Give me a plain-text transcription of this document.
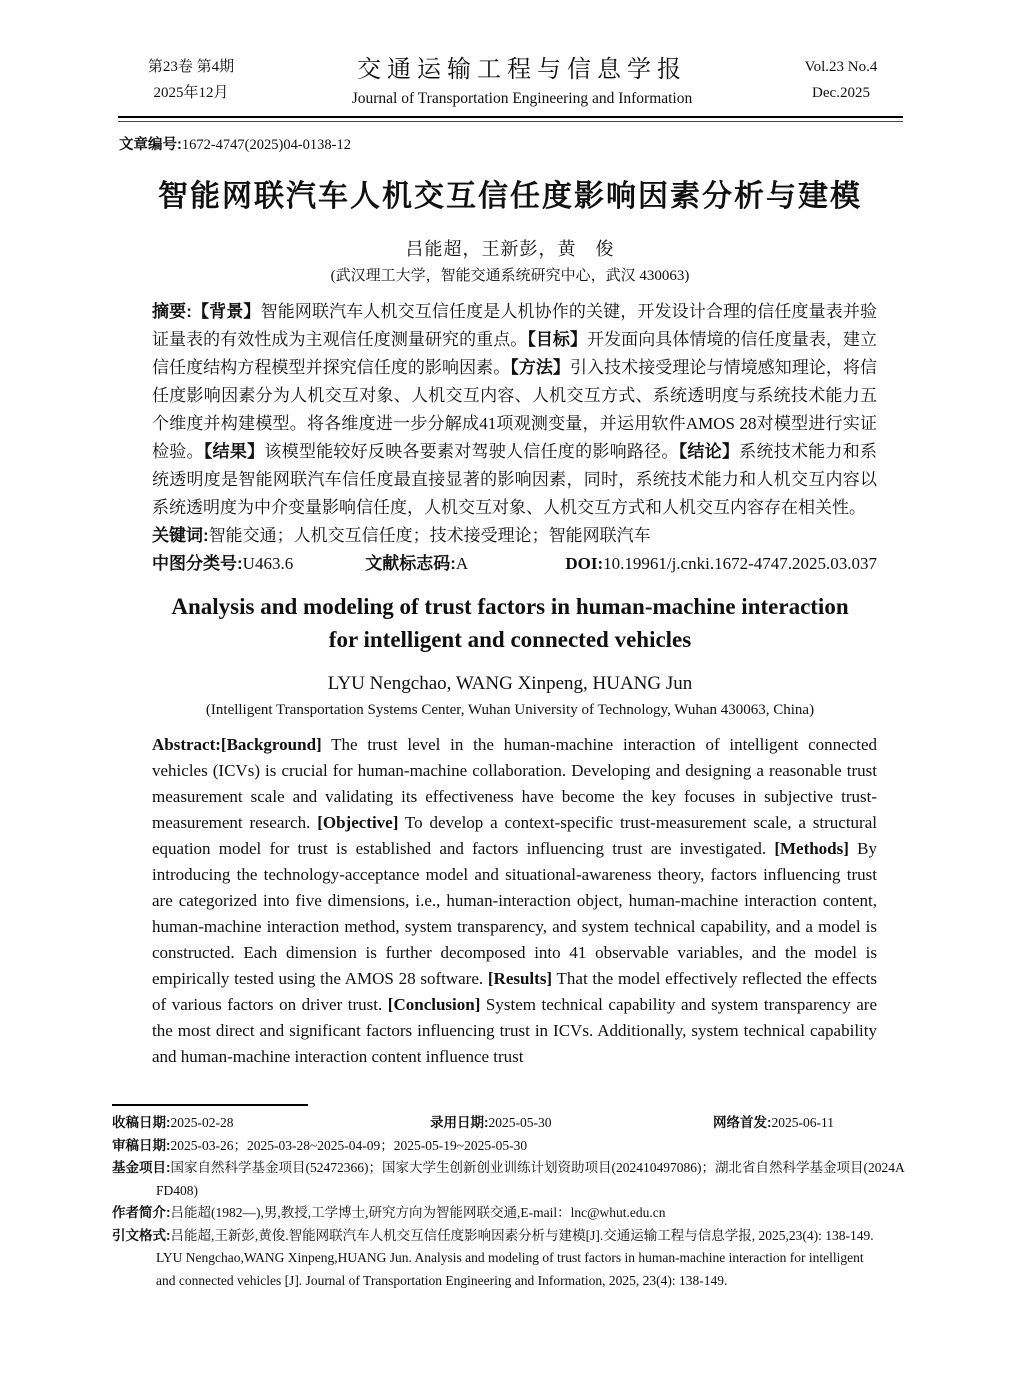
第23卷 第4期
2025年12月
交通运输工程与信息学报
Journal of Transportation Engineering and Information
Vol.23 No.4
Dec.2025
文章编号:1672-4747(2025)04-0138-12
智能网联汽车人机交互信任度影响因素分析与建模
吕能超，王新彭，黄　俊
(武汉理工大学，智能交通系统研究中心，武汉 430063)

摘要:【背景】智能网联汽车人机交互信任度是人机协作的关键，开发设计合理的信任度量表并验证量表的有效性成为主观信任度测量研究的重点。【目标】开发面向具体情境的信任度量表，建立信任度结构方程模型并探究信任度的影响因素。【方法】引入技术接受理论与情境感知理论，将信任度影响因素分为人机交互对象、人机交互内容、人机交互方式、系统透明度与系统技术能力五个维度并构建模型。将各维度进一步分解成41项观测变量，并运用软件AMOS 28对模型进行实证检验。【结果】该模型能较好反映各要素对驾驶人信任度的影响路径。【结论】系统技术能力和系统透明度是智能网联汽车信任度最直接显著的影响因素，同时，系统技术能力和人机交互内容以系统透明度为中介变量影响信任度，人机交互对象、人机交互方式和人机交互内容存在相关性。

关键词:智能交通；人机交互信任度；技术接受理论；智能网联汽车
中图分类号:U463.6	文献标志码:A	DOI:10.19961/j.cnki.1672-4747.2025.03.037
Analysis and modeling of trust factors in human-machine interaction
for intelligent and connected vehicles
LYU Nengchao, WANG Xinpeng, HUANG Jun
(Intelligent Transportation Systems Center, Wuhan University of Technology, Wuhan 430063, China)

Abstract:[Background] The trust level in the human-machine interaction of intelligent connected vehicles (ICVs) is crucial for human-machine collaboration. Developing and designing a reasonable trust measurement scale and validating its effectiveness have become the key focuses in subjective trust-measurement research. [Objective] To develop a context-specific trust-measurement scale, a structural equation model for trust is established and factors influencing trust are investigated. [Methods] By introducing the technology-acceptance model and situational-awareness theory, factors influencing trust are categorized into five dimensions, i.e., human-interaction object, human-machine interaction content, human-machine interaction method, system transparency, and system technical capability, and a model is constructed. Each dimension is further decomposed into 41 observable variables, and the model is empirically tested using the AMOS 28 software. [Results] That the model effectively reflected the effects of various factors on driver trust. [Conclusion] System technical capability and system transparency are the most direct and significant factors influencing trust in ICVs. Additionally, system technical capability and human-machine interaction content influence trust

收稿日期:2025-02-28	录用日期:2025-05-30	网络首发:2025-06-11
审稿日期:2025-03-26；2025-03-28~2025-04-09；2025-05-19~2025-05-30
基金项目:国家自然科学基金项目(52472366)；国家大学生创新创业训练计划资助项目(202410497086)；湖北省自然科学基金项目(2024A
FD408)
作者简介:吕能超(1982—),男,教授,工学博士,研究方向为智能网联交通,E-mail：lnc@whut.edu.cn
引文格式:吕能超,王新彭,黄俊.智能网联汽车人机交互信任度影响因素分析与建模[J].交通运输工程与信息学报, 2025,23(4): 138-149.
LYU Nengchao,WANG Xinpeng,HUANG Jun. Analysis and modeling of trust factors in human-machine interaction for intelligent
and connected vehicles [J]. Journal of Transportation Engineering and Information, 2025, 23(4): 138-149.
